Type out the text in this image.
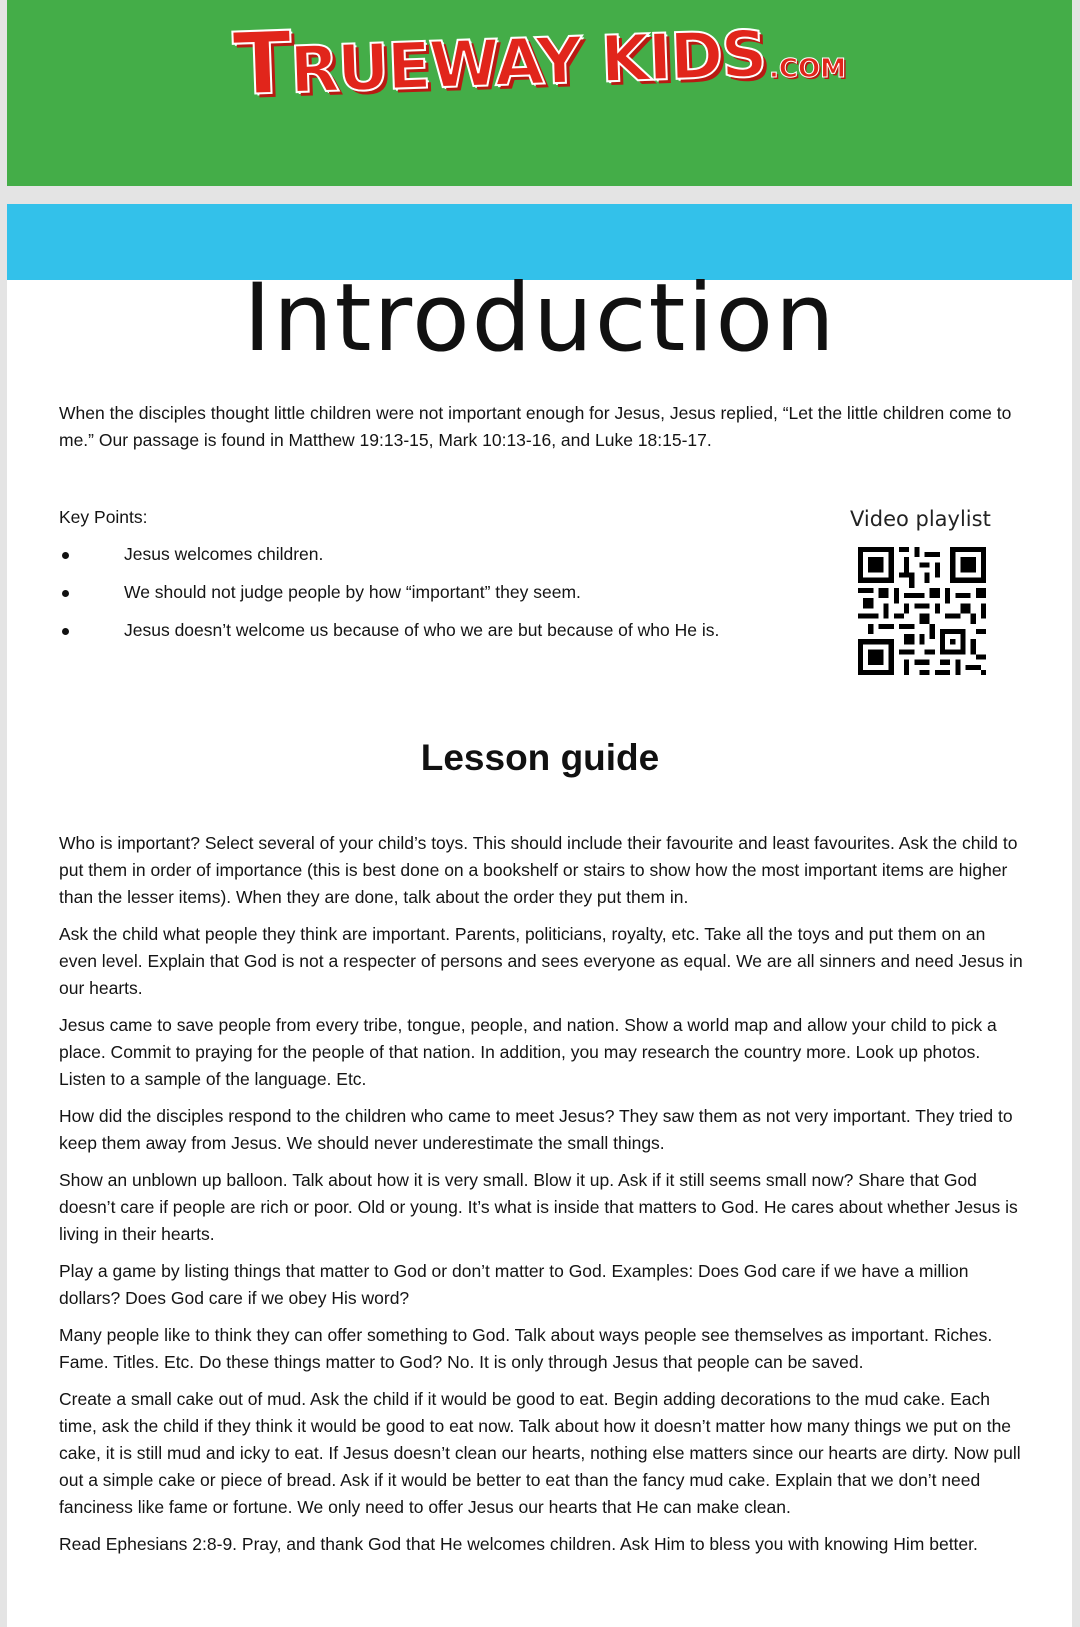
TRUEWAY KIDS.COM
Introduction

When the disciples thought little children were not important enough for Jesus, Jesus replied, “Let the little children come to me.” Our passage is found in Matthew 19:13-15, Mark 10:13-16, and Luke 18:15-17.

Key Points:
Jesus welcomes children.
We should not judge people by how “important” they seem.
Jesus doesn’t welcome us because of who we are but because of who He is.
Video playlist
Lesson guide

Who is important? Select several of your child’s toys. This should include their favourite and least favourites. Ask the child to put them in order of importance (this is best done on a bookshelf or stairs to show how the most important items are higher than the lesser items). When they are done, talk about the order they put them in.

Ask the child what people they think are important. Parents, politicians, royalty, etc. Take all the toys and put them on an even level. Explain that God is not a respecter of persons and sees everyone as equal. We are all sinners and need Jesus in our hearts.

Jesus came to save people from every tribe, tongue, people, and nation. Show a world map and allow your child to pick a place. Commit to praying for the people of that nation. In addition, you may research the country more. Look up photos. Listen to a sample of the language. Etc.

How did the disciples respond to the children who came to meet Jesus? They saw them as not very important. They tried to keep them away from Jesus. We should never underestimate the small things.

Show an unblown up balloon. Talk about how it is very small. Blow it up. Ask if it still seems small now? Share that God doesn’t care if people are rich or poor. Old or young. It’s what is inside that matters to God. He cares about whether Jesus is living in their hearts.

Play a game by listing things that matter to God or don’t matter to God. Examples: Does God care if we have a million dollars? Does God care if we obey His word?

Many people like to think they can offer something to God. Talk about ways people see themselves as important. Riches. Fame. Titles. Etc. Do these things matter to God? No. It is only through Jesus that people can be saved.

Create a small cake out of mud. Ask the child if it would be good to eat. Begin adding decorations to the mud cake. Each time, ask the child if they think it would be good to eat now. Talk about how it doesn’t matter how many things we put on the cake, it is still mud and icky to eat. If Jesus doesn’t clean our hearts, nothing else matters since our hearts are dirty. Now pull out a simple cake or piece of bread. Ask if it would be better to eat than the fancy mud cake. Explain that we don’t need fanciness like fame or fortune. We only need to offer Jesus our hearts that He can make clean.

Read Ephesians 2:8-9. Pray, and thank God that He welcomes children. Ask Him to bless you with knowing Him better.
